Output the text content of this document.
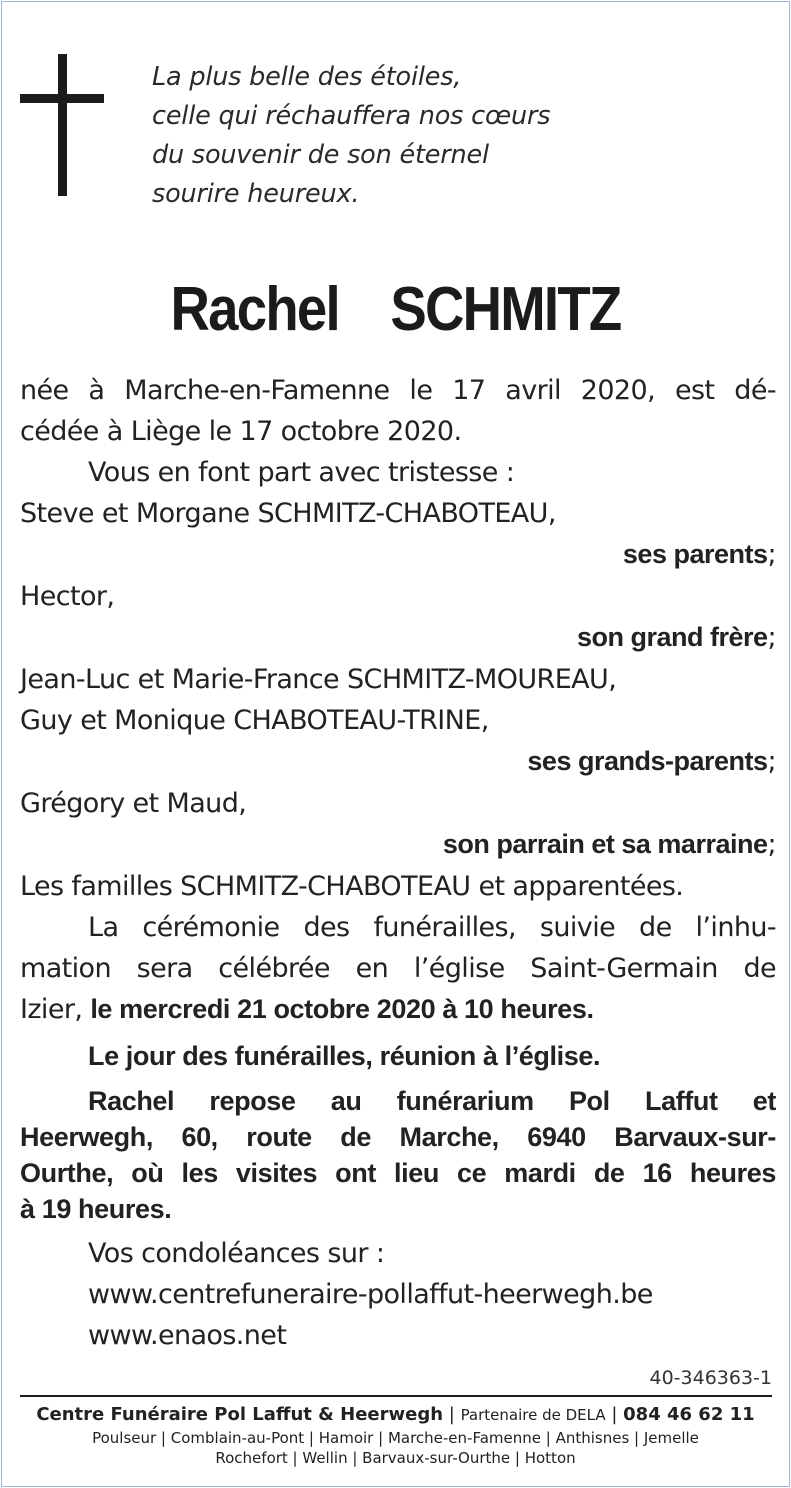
La plus belle des étoiles,
celle qui réchauffera nos cœurs
du souvenir de son éternel
sourire heureux.
Rachel  SCHMITZ
née à Marche-en-Famenne le 17 avril 2020, est dé-
cédée à Liège le 17 octobre 2020.
Vous en font part avec tristesse :
Steve et Morgane SCHMITZ-CHABOTEAU,
ses parents;
Hector,
son grand frère;
Jean-Luc et Marie-France SCHMITZ-MOUREAU,
Guy et Monique CHABOTEAU-TRINE,
ses grands-parents;
Grégory et Maud,
son parrain et sa marraine;
Les familles SCHMITZ-CHABOTEAU et apparentées.
La cérémonie des funérailles, suivie de l’inhu-
mation sera célébrée en l’église Saint-Germain de
Izier, le mercredi 21 octobre 2020 à 10 heures.
Le jour des funérailles, réunion à l’église.
Rachel repose au funérarium Pol Laffut et
Heerwegh, 60, route de Marche, 6940 Barvaux-sur-
Ourthe, où les visites ont lieu ce mardi de 16 heures
à 19 heures.
Vos condoléances sur :
www.centrefuneraire-pollaffut-heerwegh.be
www.enaos.net
40-346363-1
Centre Funéraire Pol Laffut & Heerwegh | Partenaire de DELA | 084 46 62 11
Poulseur | Comblain-au-Pont | Hamoir | Marche-en-Famenne | Anthisnes | Jemelle
Rochefort | Wellin | Barvaux-sur-Ourthe | Hotton
